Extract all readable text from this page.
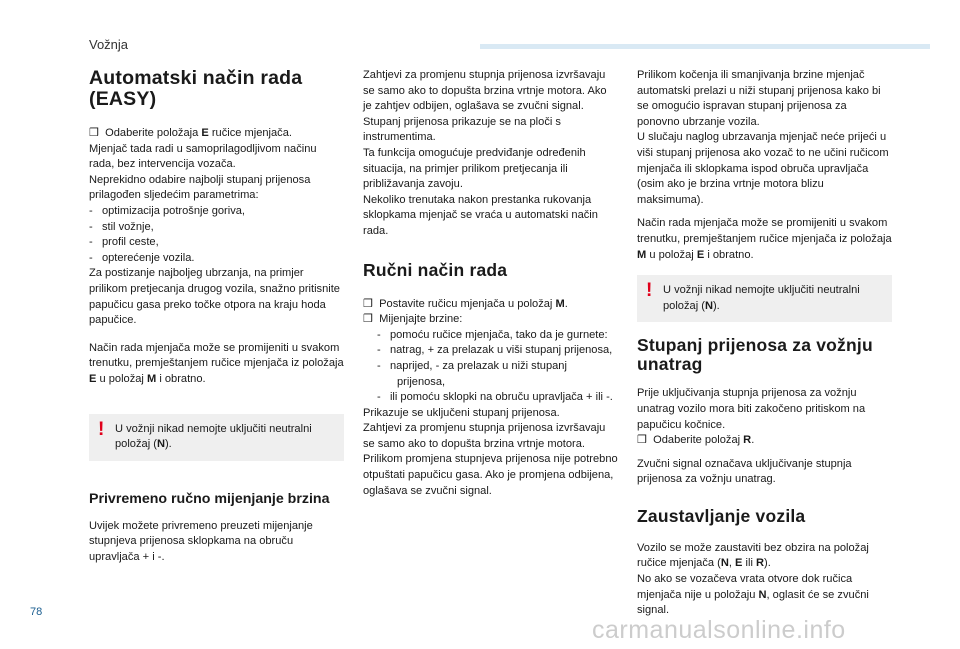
Vožnja
Automatski način rada (EASY)

❒ Odaberite položaja E ručice mjenjača.
Mjenjač tada radi u samoprilagodljivom načinu rada, bez intervencija vozača.
Neprekidno odabire najbolji stupanj prijenosa prilagođen sljedećim parametrima:
-   optimizacija potrošnje goriva,
-   stil vožnje,
-   profil ceste,
-   opterećenje vozila.
Za postizanje najboljeg ubrzanja, na primjer prilikom pretjecanja drugog vozila, snažno pritisnite papučicu gasa preko točke otpora na kraju hoda papučice.

Način rada mjenjača može se promijeniti u svakom trenutku, premještanjem ručice mjenjača iz položaja E u položaj M i obratno.

! U vožnji nikad nemojte uključiti neutralni položaj (N).
Privremeno ručno mijenjanje brzina

Uvijek možete privremeno preuzeti mijenjanje stupnjeva prijenosa sklopkama na obruču upravljača + i -.

Zahtjevi za promjenu stupnja prijenosa izvršavaju se samo ako to dopušta brzina vrtnje motora. Ako je zahtjev odbijen, oglašava se zvučni signal.
Stupanj prijenosa prikazuje se na ploči s instrumentima.
Ta funkcija omogućuje predviđanje određenih situacija, na primjer prilikom pretjecanja ili približavanja zavoju.
Nekoliko trenutaka nakon prestanka rukovanja sklopkama mjenjač se vraća u automatski način rada.

Ručni način rada

❒ Postavite ručicu mjenjača u položaj M.
❒ Mijenjajte brzine:
-   pomoću ručice mjenjača, tako da je gurnete:
-   natrag, + za prelazak u viši stupanj prijenosa,
-   naprijed, - za prelazak u niži stupanj prijenosa,
-   ili pomoću sklopki na obruču upravljača + ili -.
Prikazuje se uključeni stupanj prijenosa.
Zahtjevi za promjenu stupnja prijenosa izvršavaju se samo ako to dopušta brzina vrtnje motora.
Prilikom promjena stupnjeva prijenosa nije potrebno otpuštati papučicu gasa. Ako je promjena odbijena, oglašava se zvučni signal.

Prilikom kočenja ili smanjivanja brzine mjenjač automatski prelazi u niži stupanj prijenosa kako bi se omogućio ispravan stupanj prijenosa za ponovno ubrzanje vozila.
U slučaju naglog ubrzavanja mjenjač neće prijeći u viši stupanj prijenosa ako vozač to ne učini ručicom mjenjača ili sklopkama ispod obruča upravljača (osim ako je brzina vrtnje motora blizu maksimuma).

Način rada mjenjača može se promijeniti u svakom trenutku, premještanjem ručice mjenjača iz položaja M u položaj E i obratno.

! U vožnji nikad nemojte uključiti neutralni položaj (N).
Stupanj prijenosa za vožnju unatrag

Prije uključivanja stupnja prijenosa za vožnju unatrag vozilo mora biti zakočeno pritiskom na papučicu kočnice.
❒ Odaberite položaj R.

Zvučni signal označava uključivanje stupnja prijenosa za vožnju unatrag.

Zaustavljanje vozila

Vozilo se može zaustaviti bez obzira na položaj ručice mjenjača (N, E ili R).
No ako se vozačeva vrata otvore dok ručica mjenjača nije u položaju N, oglasit će se zvučni signal.

78
carmanualsonline.info
